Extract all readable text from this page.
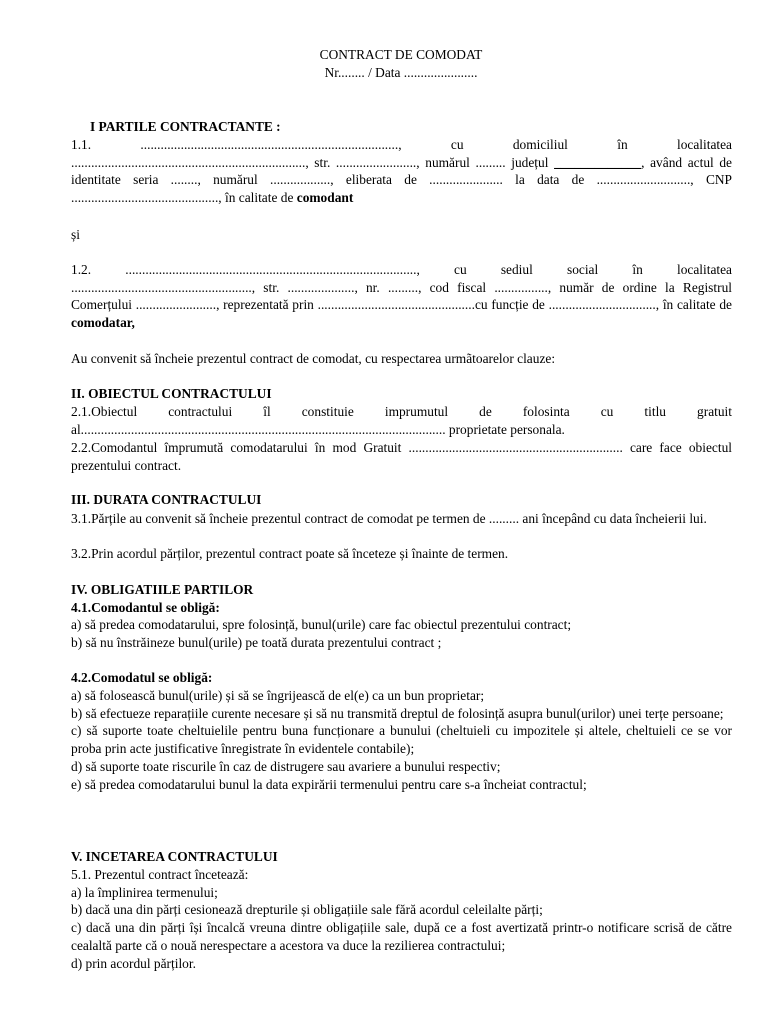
CONTRACT DE COMODAT
Nr........ / Data ......................
I PARTILE CONTRACTANTE :

1.1. ............................................................................., cu domiciliul în localitatea ......................................................................, str. ........................, numărul ......... județul _____________, având actul de identitate seria ........, numărul .................., eliberata de ...................... la data de ............................, CNP ............................................, în calitate de comodant

și

1.2. ......................................................................................., cu sediul social în localitatea ......................................................, str. ...................., nr. ........., cod fiscal ................, număr de ordine la Registrul Comerțului ........................, reprezentată prin ...............................................cu funcție de ................................, în calitate de comodatar,

Au convenit să încheie prezentul contract de comodat, cu respectarea urmãtoarelor clauze:

II. OBIECTUL CONTRACTULUI

2.1.Obiectul contractului îl constituie imprumutul de folosinta cu titlu gratuit al............................................................................................................. proprietate personala.

2.2.Comodantul împrumută comodatarului în mod Gratuit ................................................................ care face obiectul prezentului contract.

III. DURATA CONTRACTULUI

3.1.Părțile au convenit să încheie prezentul contract de comodat pe termen de ......... ani începând cu data încheierii lui.

3.2.Prin acordul părților, prezentul contract poate să înceteze și înainte de termen.

IV. OBLIGATIILE PARTILOR
4.1.Comodantul se obligă:

a) să predea comodatarului, spre folosință, bunul(urile) care fac obiectul prezentului contract;
b) să nu înstrăineze bunul(urile) pe toată durata prezentului contract ;

4.2.Comodatul se obligă:

a) să folosească bunul(urile) și să se îngrijească de el(e) ca un bun proprietar;
b) să efectueze reparațiile curente necesare și să nu transmită dreptul de folosință asupra bunul(urilor) unei terțe persoane;
c) să suporte toate cheltuielile pentru buna funcționare a bunului (cheltuieli cu impozitele și altele, cheltuieli ce se vor proba prin acte justificative înregistrate în evidentele contabile);
d) să suporte toate riscurile în caz de distrugere sau avariere a bunului respectiv;
e) să predea comodatarului bunul la data expirării termenului pentru care s-a încheiat contractul;

V. INCETAREA CONTRACTULUI

5.1. Prezentul contract încetează:
a) la împlinirea termenului;
b) dacă una din părți cesionează drepturile și obligațiile sale fără acordul celeilalte părți;
c) dacă una din părți își încalcă vreuna dintre obligațiile sale, după ce a fost avertizată printr-o notificare scrisă de către cealaltă parte că o nouă nerespectare a acestora va duce la rezilierea contractului;
d) prin acordul părților.
